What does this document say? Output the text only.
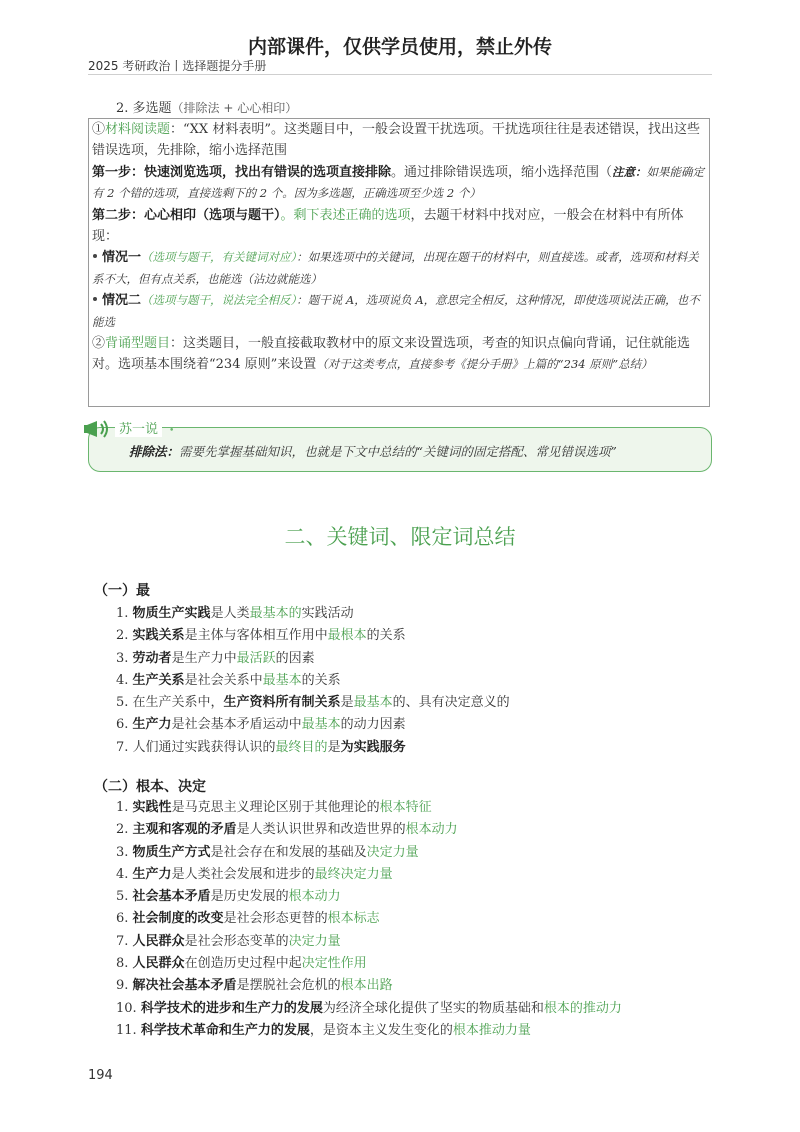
内部课件，仅供学员使用，禁止外传
2025 考研政治丨选择题提分手册
2. 多选题（排除法 + 心心相印）

①材料阅读题：“XX 材料表明”。这类题目中，一般会设置干扰选项。干扰选项往往是表述错误，找出这些错误选项，先排除，缩小选择范围

第一步：快速浏览选项，找出有错误的选项直接排除。通过排除错误选项，缩小选择范围（注意：如果能确定有 2 个错的选项，直接选剩下的 2 个。因为多选题，正确选项至少选 2 个）

第二步：心心相印（选项与题干）。剩下表述正确的选项，去题干材料中找对应，一般会在材料中有所体现：

情况一（选项与题干，有关键词对应）：如果选项中的关键词，出现在题干的材料中，则直接选。或者，选项和材料关系不大，但有点关系，也能选（沾边就能选）

情况二（选项与题干，说法完全相反）：题干说 A，选项说负 A，意思完全相反，这种情况，即使选项说法正确，也不能选

②背诵型题目：这类题目，一般直接截取教材中的原文来设置选项，考查的知识点偏向背诵，记住就能选对。选项基本围绕着“234 原则”来设置（对于这类考点，直接参考《提分手册》上篇的“234 原则”总结）

苏一说	•
排除法：需要先掌握基础知识，也就是下文中总结的“关键词的固定搭配、常见错误选项”
二、关键词、限定词总结
（一）最
1. 物质生产实践是人类最基本的实践活动
2. 实践关系是主体与客体相互作用中最根本的关系
3. 劳动者是生产力中最活跃的因素
4. 生产关系是社会关系中最基本的关系
5. 在生产关系中，生产资料所有制关系是最基本的、具有决定意义的
6. 生产力是社会基本矛盾运动中最基本的动力因素
7. 人们通过实践获得认识的最终目的是为实践服务
（二）根本、决定
1. 实践性是马克思主义理论区别于其他理论的根本特征
2. 主观和客观的矛盾是人类认识世界和改造世界的根本动力
3. 物质生产方式是社会存在和发展的基础及决定力量
4. 生产力是人类社会发展和进步的最终决定力量
5. 社会基本矛盾是历史发展的根本动力
6. 社会制度的改变是社会形态更替的根本标志
7. 人民群众是社会形态变革的决定力量
8. 人民群众在创造历史过程中起决定性作用
9. 解决社会基本矛盾是摆脱社会危机的根本出路
10. 科学技术的进步和生产力的发展为经济全球化提供了坚实的物质基础和根本的推动力
11. 科学技术革命和生产力的发展，是资本主义发生变化的根本推动力量
194
